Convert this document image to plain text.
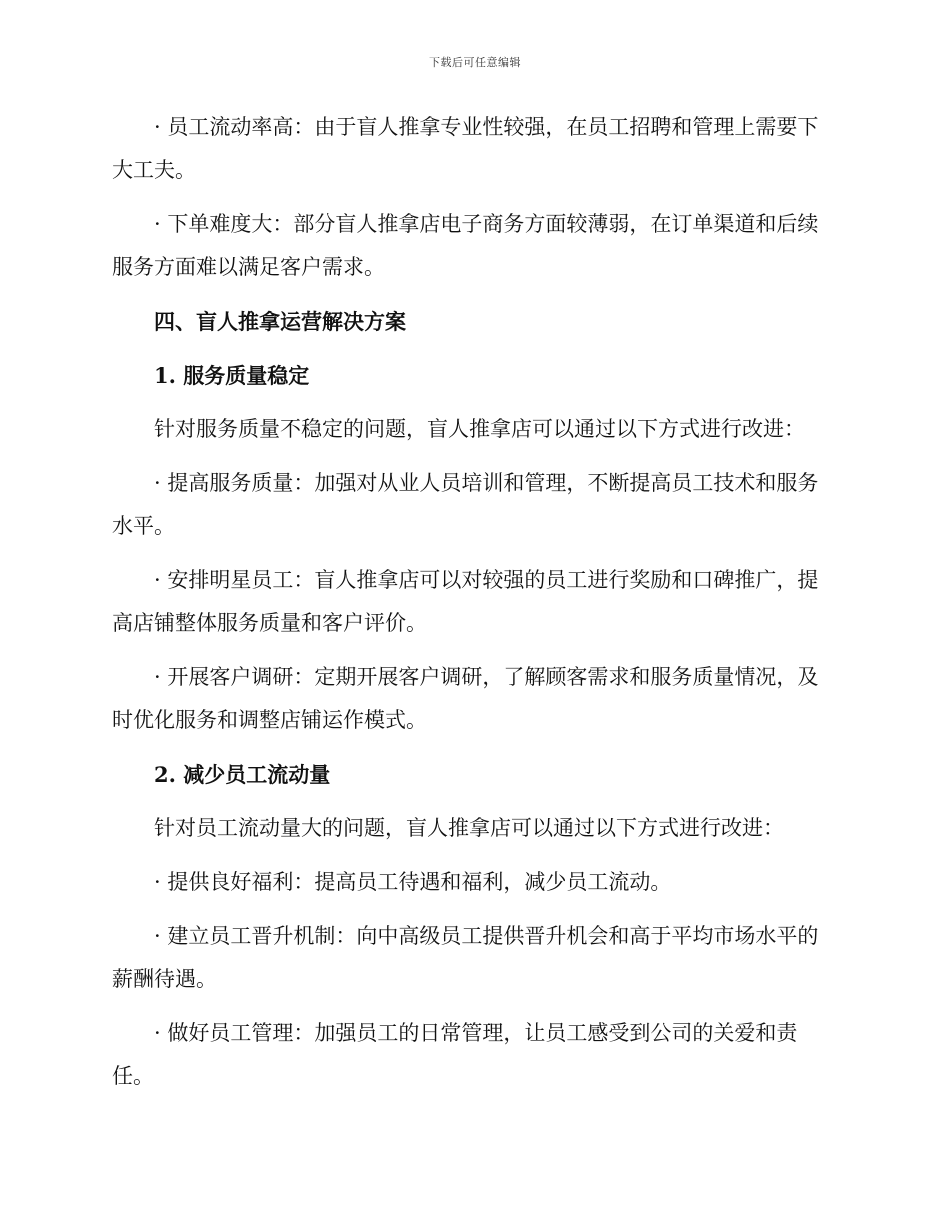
下载后可任意编辑

· 员工流动率高：由于盲人推拿专业性较强，在员工招聘和管理上需要下大工夫。

· 下单难度大：部分盲人推拿店电子商务方面较薄弱，在订单渠道和后续服务方面难以满足客户需求。

四、盲人推拿运营解决方案

1. 服务质量稳定

针对服务质量不稳定的问题，盲人推拿店可以通过以下方式进行改进：

· 提高服务质量：加强对从业人员培训和管理，不断提高员工技术和服务水平。

· 安排明星员工：盲人推拿店可以对较强的员工进行奖励和口碑推广，提高店铺整体服务质量和客户评价。

· 开展客户调研：定期开展客户调研，了解顾客需求和服务质量情况，及时优化服务和调整店铺运作模式。

2. 减少员工流动量

针对员工流动量大的问题，盲人推拿店可以通过以下方式进行改进：

· 提供良好福利：提高员工待遇和福利，减少员工流动。

· 建立员工晋升机制：向中高级员工提供晋升机会和高于平均市场水平的薪酬待遇。

· 做好员工管理：加强员工的日常管理，让员工感受到公司的关爱和责任。
